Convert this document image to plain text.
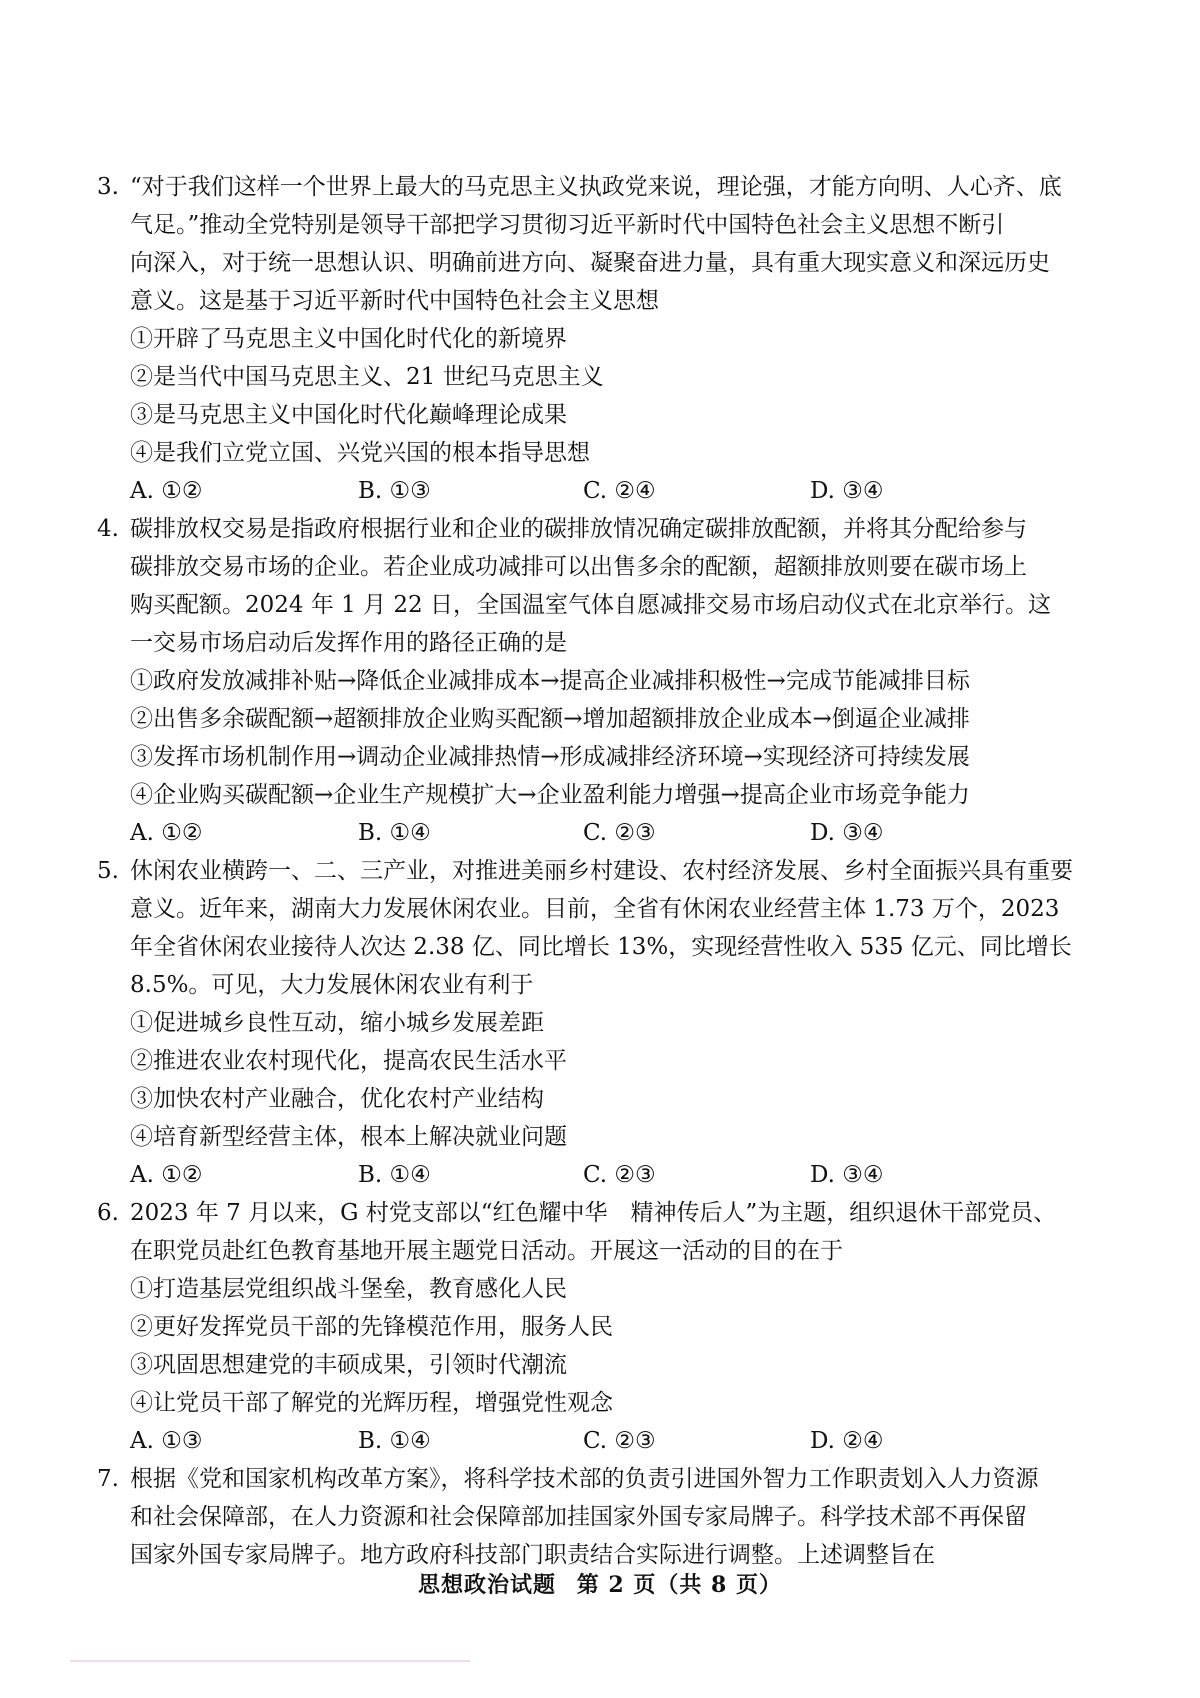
3. “对于我们这样一个世界上最大的马克思主义执政党来说，理论强，才能方向明、人心齐、底
气足。”推动全党特别是领导干部把学习贯彻习近平新时代中国特色社会主义思想不断引
向深入，对于统一思想认识、明确前进方向、凝聚奋进力量，具有重大现实意义和深远历史
意义。这是基于习近平新时代中国特色社会主义思想
①开辟了马克思主义中国化时代化的新境界
②是当代中国马克思主义、21 世纪马克思主义
③是马克思主义中国化时代化巅峰理论成果
④是我们立党立国、兴党兴国的根本指导思想
A. ①②	B. ①③	C. ②④	D. ③④
4. 碳排放权交易是指政府根据行业和企业的碳排放情况确定碳排放配额，并将其分配给参与
碳排放交易市场的企业。若企业成功减排可以出售多余的配额，超额排放则要在碳市场上
购买配额。2024 年 1 月 22 日，全国温室气体自愿减排交易市场启动仪式在北京举行。这
一交易市场启动后发挥作用的路径正确的是
①政府发放减排补贴→降低企业减排成本→提高企业减排积极性→完成节能减排目标
②出售多余碳配额→超额排放企业购买配额→增加超额排放企业成本→倒逼企业减排
③发挥市场机制作用→调动企业减排热情→形成减排经济环境→实现经济可持续发展
④企业购买碳配额→企业生产规模扩大→企业盈利能力增强→提高企业市场竞争能力
A. ①②	B. ①④	C. ②③	D. ③④
5. 休闲农业横跨一、二、三产业，对推进美丽乡村建设、农村经济发展、乡村全面振兴具有重要
意义。近年来，湖南大力发展休闲农业。目前，全省有休闲农业经营主体 1.73 万个，2023
年全省休闲农业接待人次达 2.38 亿、同比增长 13%，实现经营性收入 535 亿元、同比增长
8.5%。可见，大力发展休闲农业有利于
①促进城乡良性互动，缩小城乡发展差距
②推进农业农村现代化，提高农民生活水平
③加快农村产业融合，优化农村产业结构
④培育新型经营主体，根本上解决就业问题
A. ①②	B. ①④	C. ②③	D. ③④
6. 2023 年 7 月以来，G 村党支部以“红色耀中华　精神传后人”为主题，组织退休干部党员、
在职党员赴红色教育基地开展主题党日活动。开展这一活动的目的在于
①打造基层党组织战斗堡垒，教育感化人民
②更好发挥党员干部的先锋模范作用，服务人民
③巩固思想建党的丰硕成果，引领时代潮流
④让党员干部了解党的光辉历程，增强党性观念
A. ①③	B. ①④	C. ②③	D. ②④
7. 根据《党和国家机构改革方案》，将科学技术部的负责引进国外智力工作职责划入人力资源
和社会保障部，在人力资源和社会保障部加挂国家外国专家局牌子。科学技术部不再保留
国家外国专家局牌子。地方政府科技部门职责结合实际进行调整。上述调整旨在
思想政治试题 第 2 页（共 8 页）
